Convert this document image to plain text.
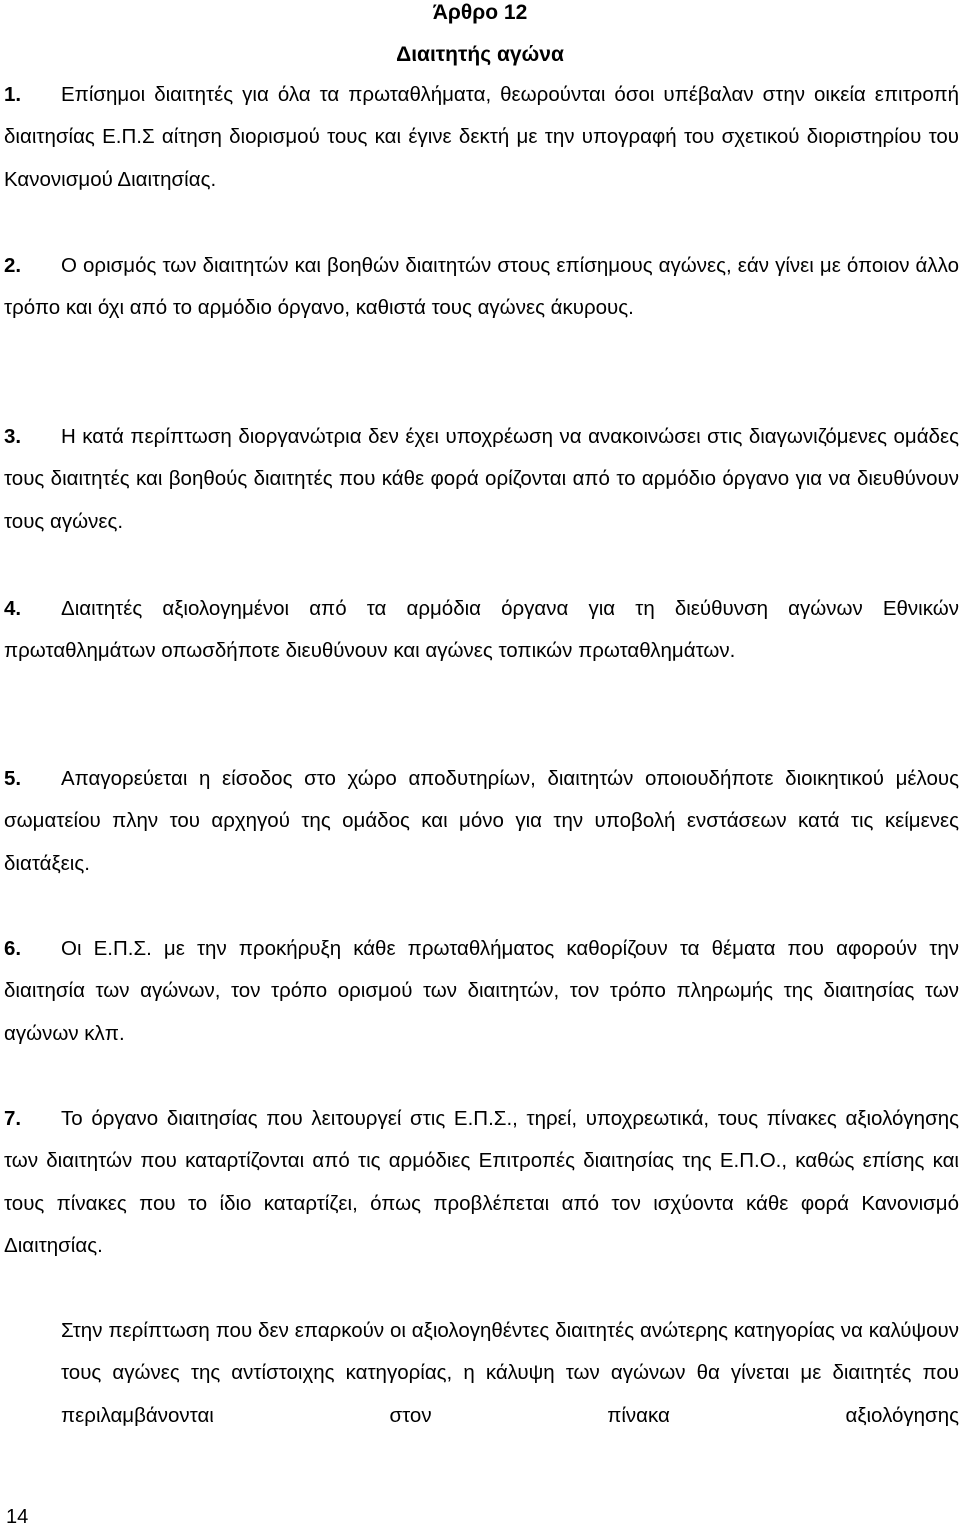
Άρθρο 12
Διαιτητής αγώνα
1.	Επίσημοι διαιτητές για όλα τα πρωταθλήματα, θεωρούνται όσοι υπέβαλαν στην οικεία επιτροπή διαιτησίας Ε.Π.Σ αίτηση διορισμού τους και έγινε δεκτή με την υπογραφή του σχετικού διοριστηρίου του Κανονισμού Διαιτησίας.

2.	Ο ορισμός των διαιτητών και βοηθών διαιτητών στους επίσημους αγώνες, εάν γίνει με όποιον άλλο τρόπο και όχι από το αρμόδιο όργανο, καθιστά τους αγώνες άκυρους.

3.	Η κατά περίπτωση διοργανώτρια δεν έχει υποχρέωση να ανακοινώσει στις διαγωνιζόμενες ομάδες τους διαιτητές και βοηθούς διαιτητές που κάθε φορά ορίζονται από το αρμόδιο όργανο για να διευθύνουν τους αγώνες.

4.	Διαιτητές αξιολογημένοι από τα αρμόδια όργανα για τη διεύθυνση αγώνων Εθνικών πρωταθλημάτων οπωσδήποτε διευθύνουν και αγώνες τοπικών πρωταθλημάτων.

5.	Απαγορεύεται η είσοδος στο χώρο αποδυτηρίων, διαιτητών οποιουδήποτε διοικητικού μέλους σωματείου πλην του αρχηγού της ομάδος και μόνο για την υποβολή ενστάσεων κατά τις κείμενες διατάξεις.

6.	Οι Ε.Π.Σ. με την προκήρυξη κάθε πρωταθλήματος καθορίζουν τα θέματα που αφορούν την διαιτησία των αγώνων, τον τρόπο ορισμού των διαιτητών, τον τρόπο πληρωμής της διαιτησίας των αγώνων κλπ.

7.	Το όργανο διαιτησίας που λειτουργεί στις Ε.Π.Σ., τηρεί, υποχρεωτικά, τους πίνακες αξιολόγησης των διαιτητών που καταρτίζονται από τις αρμόδιες Επιτροπές διαιτησίας της Ε.Π.Ο., καθώς επίσης και τους πίνακες που το ίδιο καταρτίζει, όπως προβλέπεται από τον ισχύοντα κάθε φορά Κανονισμό Διαιτησίας.

Στην περίπτωση που δεν επαρκούν οι αξιολογηθέντες διαιτητές ανώτερης κατηγορίας να καλύψουν τους αγώνες της αντίστοιχης κατηγορίας, η κάλυψη των αγώνων θα γίνεται με διαιτητές που περιλαμβάνονται στον πίνακα αξιολόγησης

14
